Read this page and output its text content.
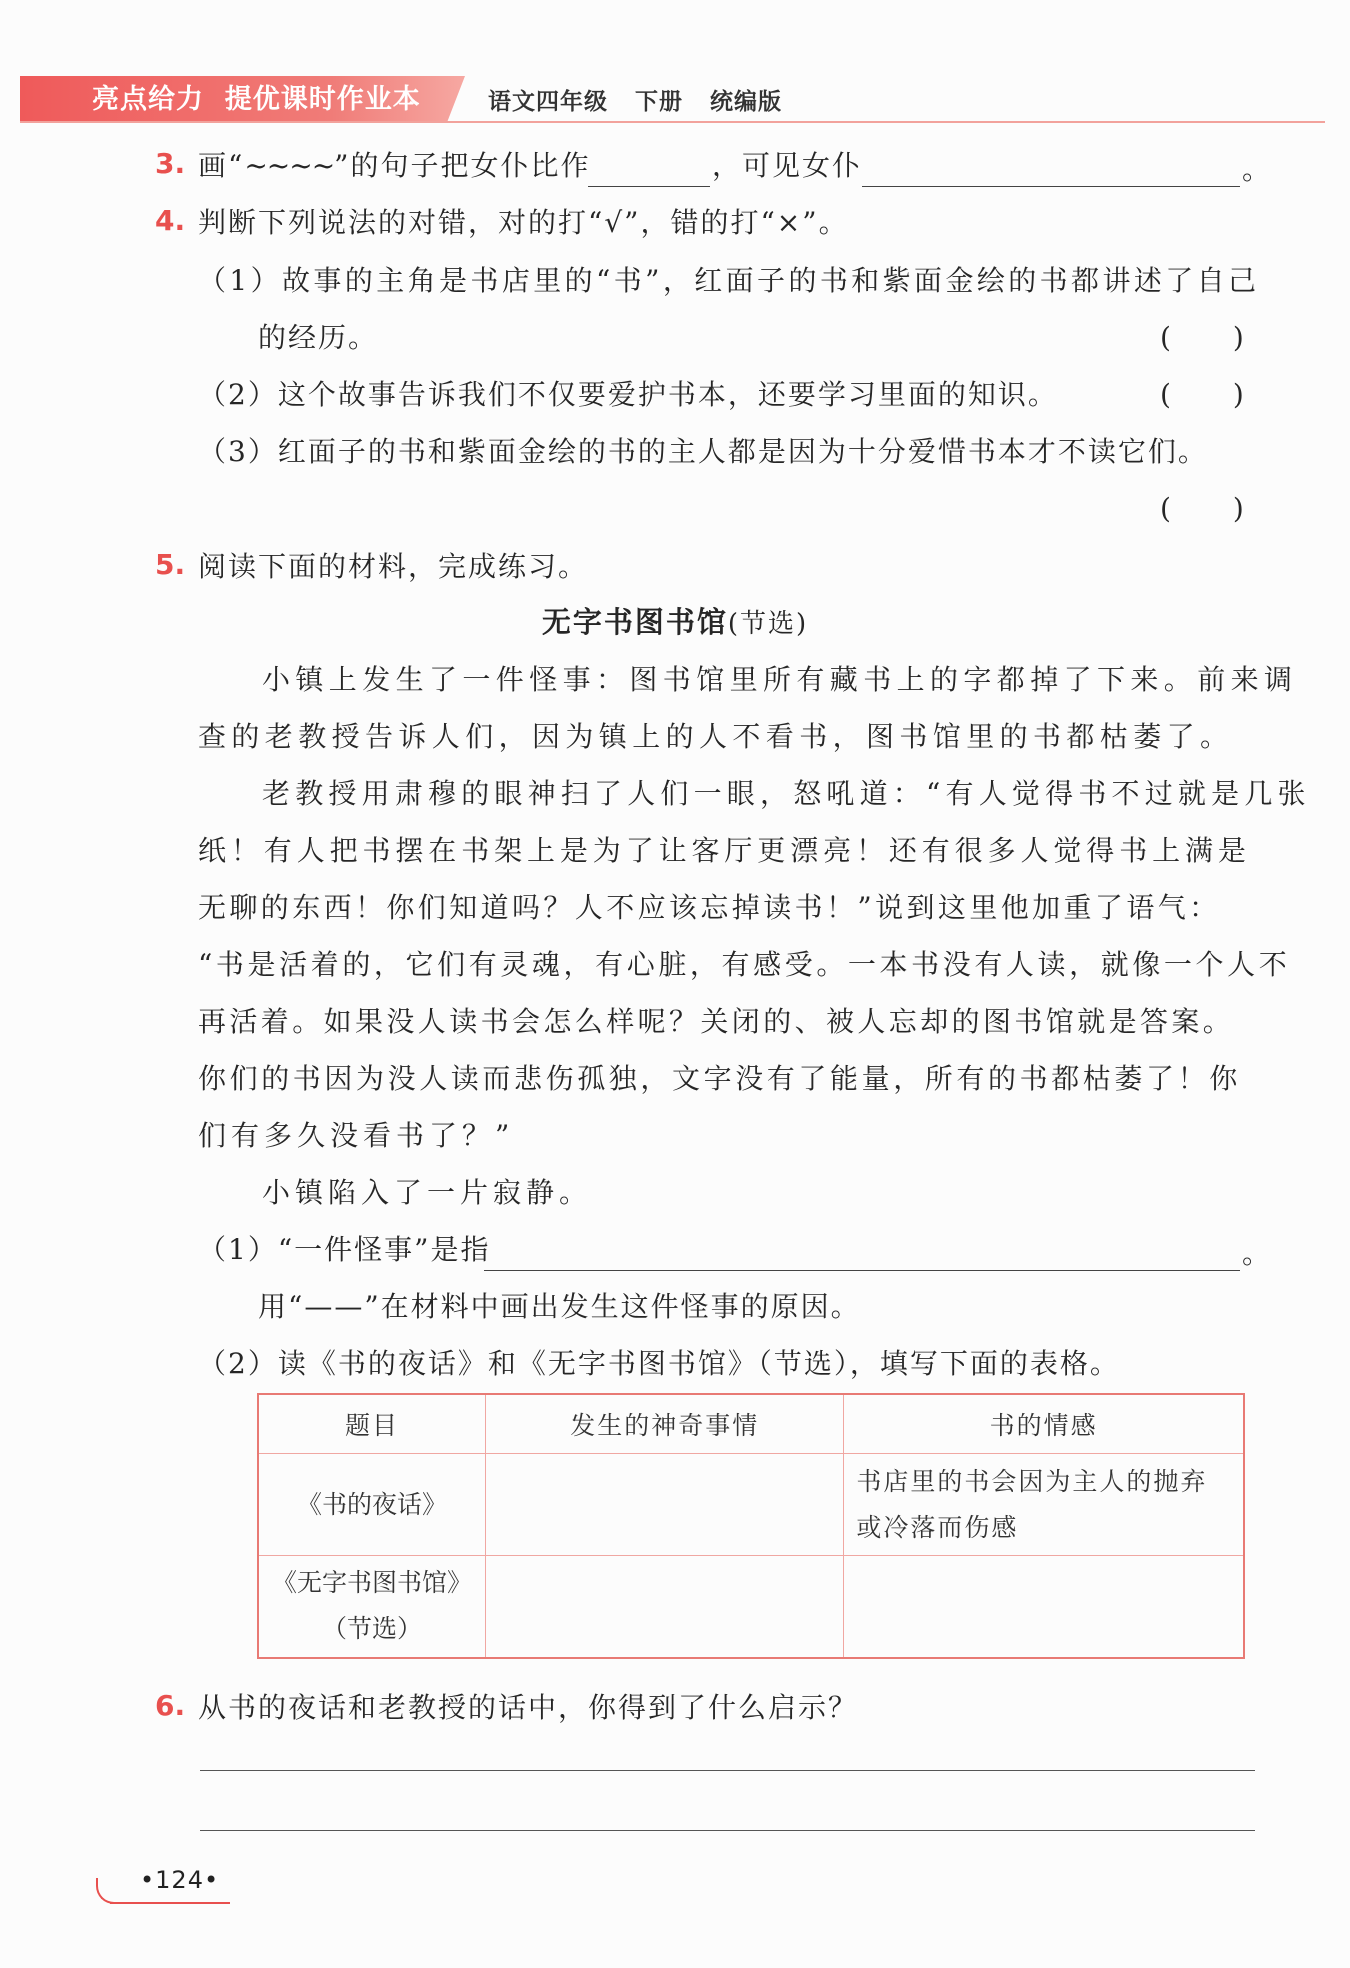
亮点给力  提优课时作业本	语文四年级   下册   统编版
3. 画“~~~~”的句子把女仆比作	，可见女仆	。
4. 判断下列说法的对错，对的打“√”，错的打“×”。
（1）故事的主角是书店里的“书”，红面子的书和紫面金绘的书都讲述了自己
的经历。	(　　)
（2）这个故事告诉我们不仅要爱护书本，还要学习里面的知识。	(　　)
（3）红面子的书和紫面金绘的书的主人都是因为十分爱惜书本才不读它们。
(　　)
5. 阅读下面的材料，完成练习。
无字书图书馆(节选)
小镇上发生了一件怪事：图书馆里所有藏书上的字都掉了下来。前来调
查的老教授告诉人们，因为镇上的人不看书，图书馆里的书都枯萎了。
老教授用肃穆的眼神扫了人们一眼，怒吼道：“有人觉得书不过就是几张
纸！有人把书摆在书架上是为了让客厅更漂亮！还有很多人觉得书上满是
无聊的东西！你们知道吗？人不应该忘掉读书！”说到这里他加重了语气：
“书是活着的，它们有灵魂，有心脏，有感受。一本书没有人读，就像一个人不
再活着。如果没人读书会怎么样呢？关闭的、被人忘却的图书馆就是答案。
你们的书因为没人读而悲伤孤独，文字没有了能量，所有的书都枯萎了！你
们有多久没看书了？”
小镇陷入了一片寂静。
（1）“一件怪事”是指	。
用“——”在材料中画出发生这件怪事的原因。
（2）读《书的夜话》和《无字书图书馆》（节选），填写下面的表格。
题目	发生的神奇事情	书的情感
《书的夜话》		书店里的书会因为主人的抛弃
或冷落而伤感

《无字书图书馆》
（节选）		

6. 从书的夜话和老教授的话中，你得到了什么启示？
•124•
